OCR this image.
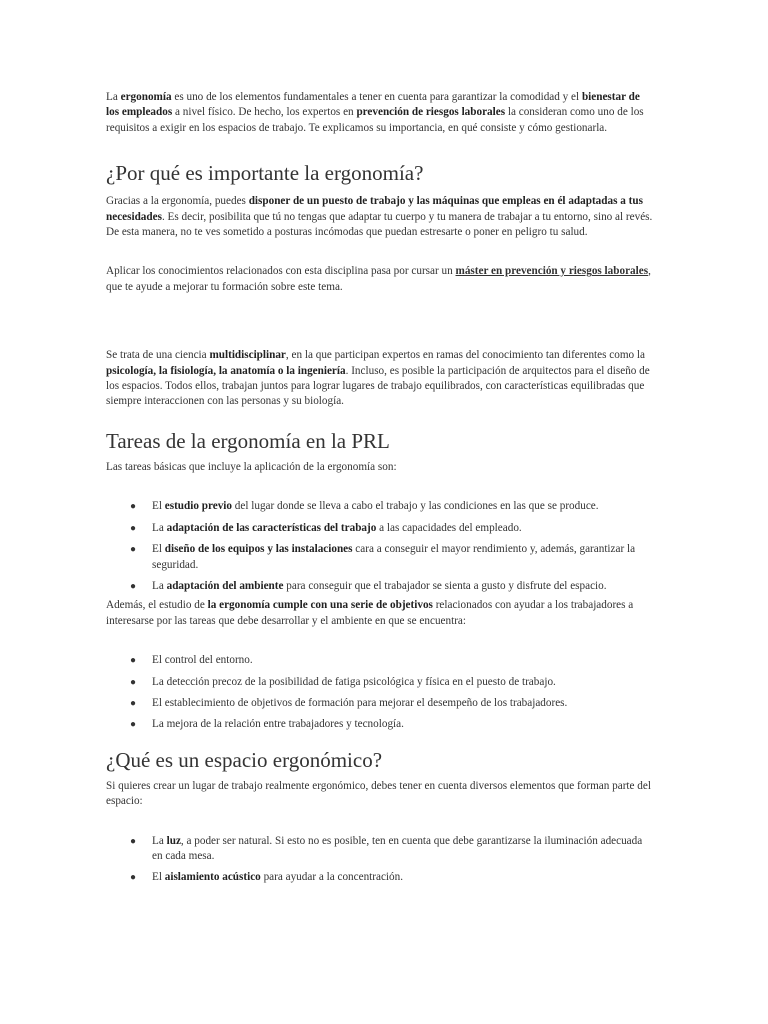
La ergonomía es uno de los elementos fundamentales a tener en cuenta para garantizar la comodidad y el bienestar de los empleados a nivel físico. De hecho, los expertos en prevención de riesgos laborales la consideran como uno de los requisitos a exigir en los espacios de trabajo. Te explicamos su importancia, en qué consiste y cómo gestionarla.

¿Por qué es importante la ergonomía?

Gracias a la ergonomía, puedes disponer de un puesto de trabajo y las máquinas que empleas en él adaptadas a tus necesidades. Es decir, posibilita que tú no tengas que adaptar tu cuerpo y tu manera de trabajar a tu entorno, sino al revés. De esta manera, no te ves sometido a posturas incómodas que puedan estresarte o poner en peligro tu salud.

Aplicar los conocimientos relacionados con esta disciplina pasa por cursar un máster en prevención y riesgos laborales, que te ayude a mejorar tu formación sobre este tema.

Se trata de una ciencia multidisciplinar, en la que participan expertos en ramas del conocimiento tan diferentes como la psicología, la fisiología, la anatomía o la ingeniería. Incluso, es posible la participación de arquitectos para el diseño de los espacios. Todos ellos, trabajan juntos para lograr lugares de trabajo equilibrados, con características equilibradas que siempre interaccionen con las personas y su biología.

Tareas de la ergonomía en la PRL

Las tareas básicas que incluye la aplicación de la ergonomía son:

● El estudio previo del lugar donde se lleva a cabo el trabajo y las condiciones en las que se produce.
● La adaptación de las características del trabajo a las capacidades del empleado.
● El diseño de los equipos y las instalaciones cara a conseguir el mayor rendimiento y, además, garantizar la seguridad.
● La adaptación del ambiente para conseguir que el trabajador se sienta a gusto y disfrute del espacio.

Además, el estudio de la ergonomía cumple con una serie de objetivos relacionados con ayudar a los trabajadores a interesarse por las tareas que debe desarrollar y el ambiente en que se encuentra:

● El control del entorno.
● La detección precoz de la posibilidad de fatiga psicológica y física en el puesto de trabajo.
● El establecimiento de objetivos de formación para mejorar el desempeño de los trabajadores.
● La mejora de la relación entre trabajadores y tecnología.
¿Qué es un espacio ergonómico?

Si quieres crear un lugar de trabajo realmente ergonómico, debes tener en cuenta diversos elementos que forman parte del espacio:

● La luz, a poder ser natural. Si esto no es posible, ten en cuenta que debe garantizarse la iluminación adecuada en cada mesa.
● El aislamiento acústico para ayudar a la concentración.
